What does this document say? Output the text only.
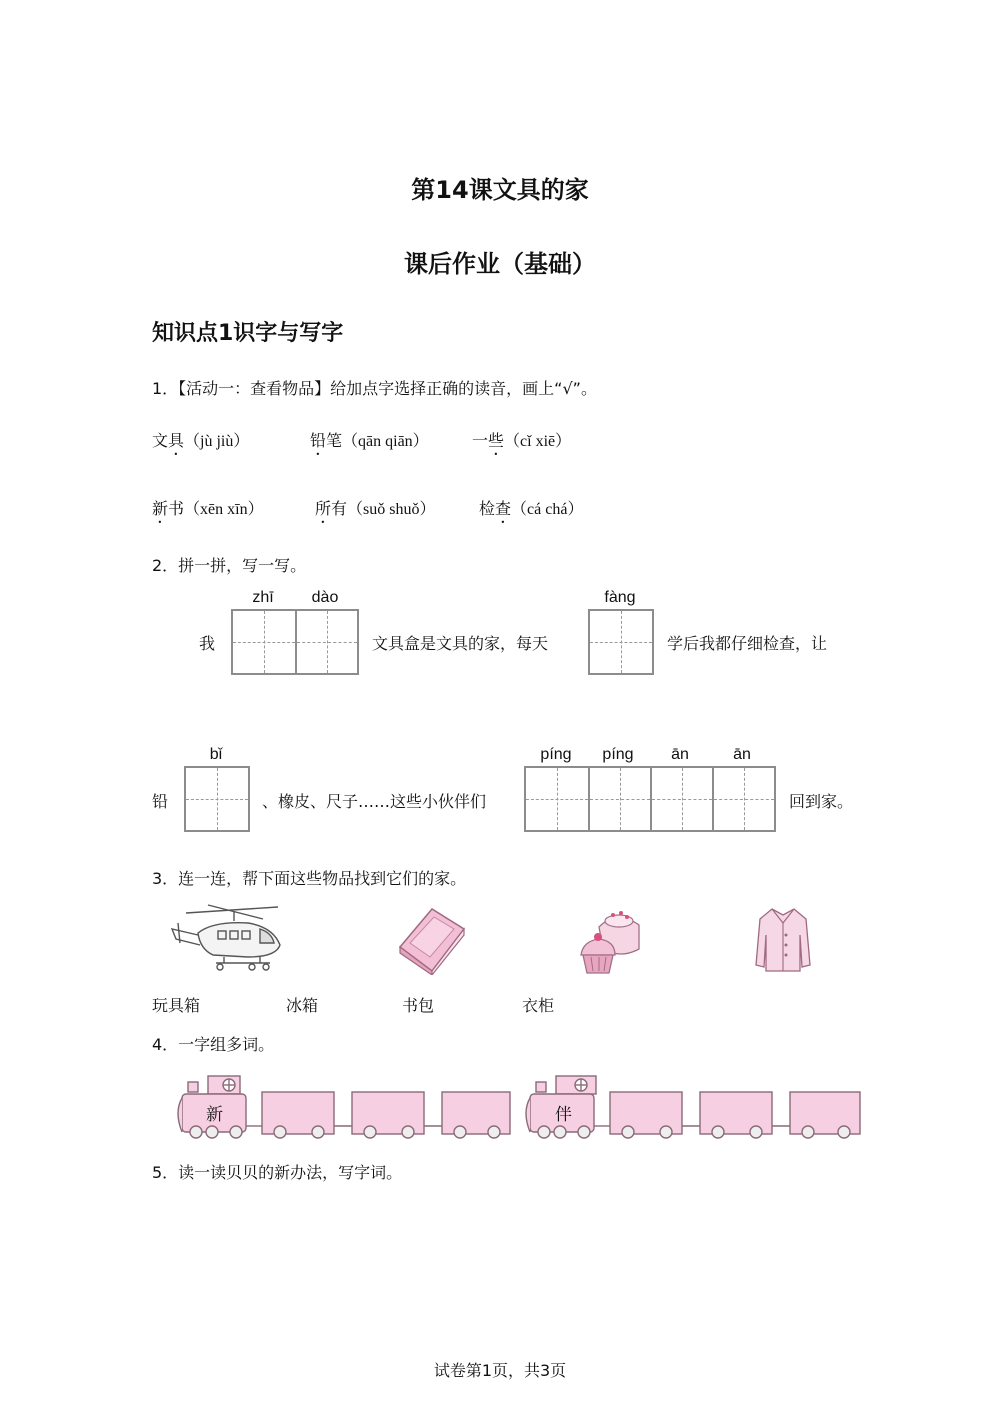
第14课文具的家
课后作业（基础）
知识点1识字与写字
1．【活动一：查看物品】给加点字选择正确的读音，画上“√”。
文具（jù jiù）	铅笔（qān qiān）	一些（cǐ xiē）
新书（xēn xīn）	所有（suǒ shuǒ）	检查（cá chá）
2．拼一拼，写一写。
zhī	dào
我	文具盒是文具的家，每天
fàng
学后我都仔细检查，让
bǐ
铅	、橡皮、尺子……这些小伙伴们
píng	píng	ān	ān
回到家。
3．连一连，帮下面这些物品找到它们的家。
玩具箱	冰箱	书包	衣柜
4．一字组多词。
新	伴
5．读一读贝贝的新办法，写字词。
试卷第1页，共3页
